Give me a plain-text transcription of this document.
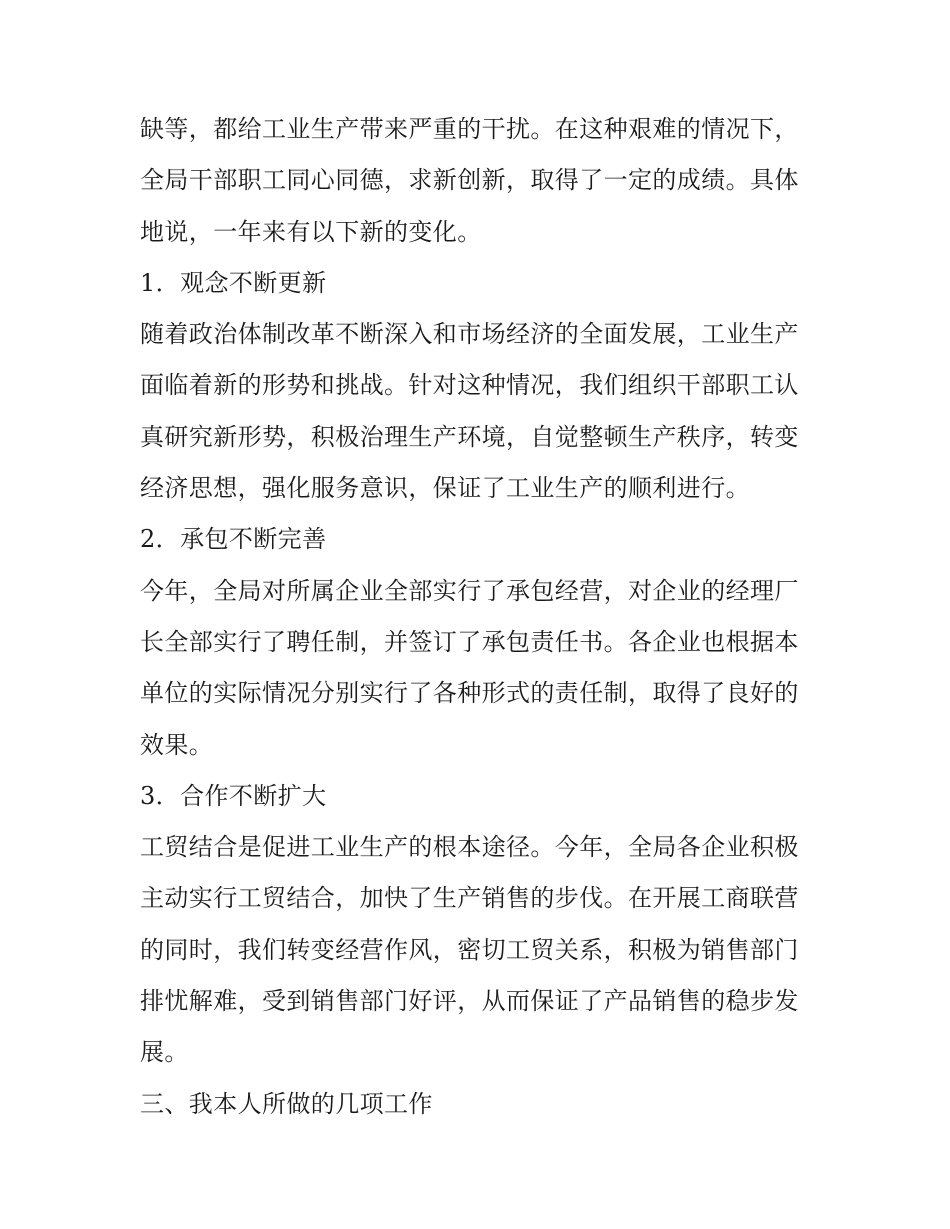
缺等，都给工业生产带来严重的干扰。在这种艰难的情况下，
全局干部职工同心同德，求新创新，取得了一定的成绩。具体
地说，一年来有以下新的变化。

1．观念不断更新

随着政治体制改革不断深入和市场经济的全面发展，工业生产
面临着新的形势和挑战。针对这种情况，我们组织干部职工认
真研究新形势，积极治理生产环境，自觉整顿生产秩序，转变
经济思想，强化服务意识，保证了工业生产的顺利进行。

2．承包不断完善

今年，全局对所属企业全部实行了承包经营，对企业的经理厂
长全部实行了聘任制，并签订了承包责任书。各企业也根据本
单位的实际情况分别实行了各种形式的责任制，取得了良好的
效果。

3．合作不断扩大

工贸结合是促进工业生产的根本途径。今年，全局各企业积极
主动实行工贸结合，加快了生产销售的步伐。在开展工商联营
的同时，我们转变经营作风，密切工贸关系，积极为销售部门
排忧解难，受到销售部门好评，从而保证了产品销售的稳步发
展。

三、我本人所做的几项工作
